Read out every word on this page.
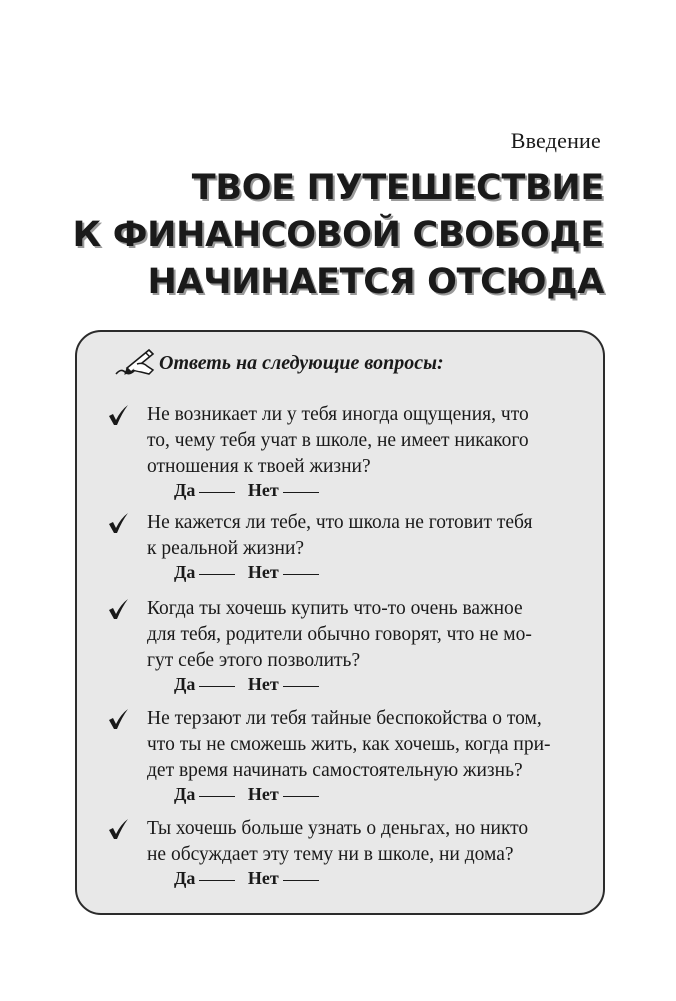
Введение
ТВОЕ ПУТЕШЕСТВИЕ
К ФИНАНСОВОЙ СВОБОДЕ
НАЧИНАЕТСЯ ОТСЮДА
Ответь на следующие вопросы:
Не возникает ли у тебя иногда ощущения, что
то, чему тебя учат в школе, не имеет никакого
отношения к твоей жизни?
Да	Нет
Не кажется ли тебе, что школа не готовит тебя
к реальной жизни?
Да	Нет
Когда ты хочешь купить что-то очень важное
для тебя, родители обычно говорят, что не мо-
гут себе этого позволить?
Да	Нет
Не терзают ли тебя тайные беспокойства о том,
что ты не сможешь жить, как хочешь, когда при-
дет время начинать самостоятельную жизнь?
Да	Нет
Ты хочешь больше узнать о деньгах, но никто
не обсуждает эту тему ни в школе, ни дома?
Да	Нет
